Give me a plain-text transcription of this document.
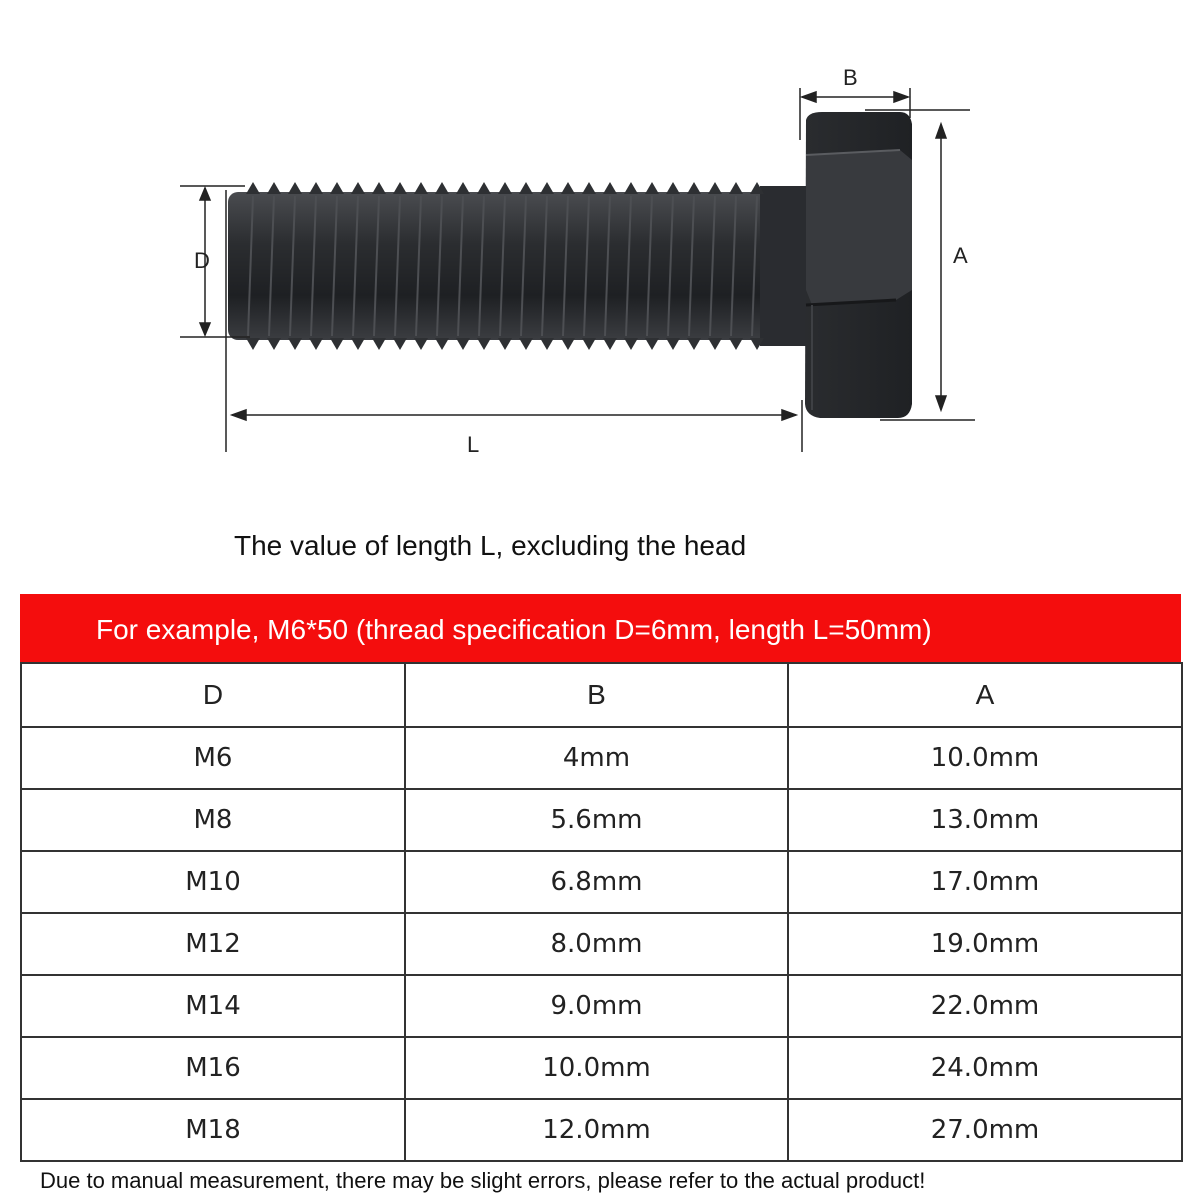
B
A
D
L
The value of length L, excluding the head
For example, M6*50 (thread specification D=6mm, length L=50mm)
D	B	A
M6	4mm	10.0mm
M8	5.6mm	13.0mm
M10	6.8mm	17.0mm
M12	8.0mm	19.0mm
M14	9.0mm	22.0mm
M16	10.0mm	24.0mm
M18	12.0mm	27.0mm
Due to manual measurement, there may be slight errors, please refer to the actual product!
